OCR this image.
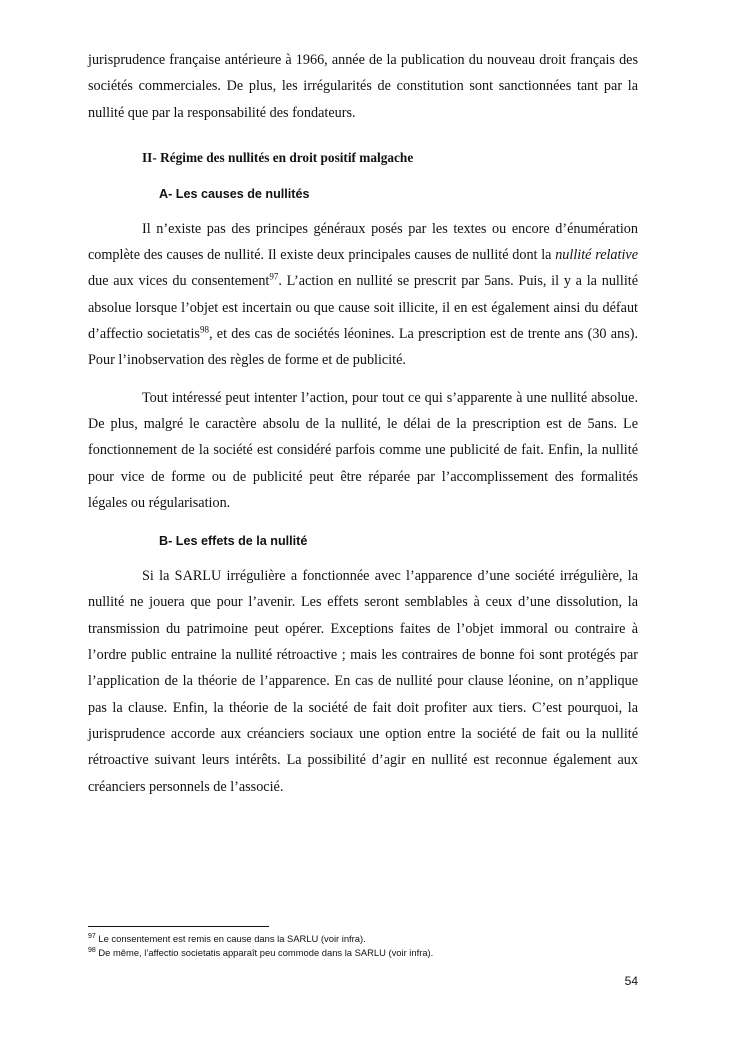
jurisprudence française antérieure à 1966, année de la publication du nouveau droit français des sociétés commerciales. De plus, les irrégularités de constitution sont sanctionnées tant par la nullité que par la responsabilité des fondateurs.

II- Régime des nullités en droit positif malgache
A- Les causes de nullités

Il n’existe pas des principes généraux posés par les textes ou encore d’énumération complète des causes de nullité. Il existe deux principales causes de nullité dont la nullité relative due aux vices du consentement$^{97}$. L’action en nullité se prescrit par 5ans. Puis, il y a la nullité absolue lorsque l’objet est incertain ou que cause soit illicite, il en est également ainsi du défaut d’affectio societatis$^{98}$, et des cas de sociétés léonines. La prescription est de trente ans (30 ans). Pour l’inobservation des règles de forme et de publicité.

Tout intéressé peut intenter l’action, pour tout ce qui s’apparente à une nullité absolue. De plus, malgré le caractère absolu de la nullité, le délai de la prescription est de 5ans. Le fonctionnement de la société est considéré parfois comme une publicité de fait. Enfin, la nullité pour vice de forme ou de publicité peut être réparée par l’accomplissement des formalités légales ou régularisation.

B- Les effets de la nullité

Si la SARLU irrégulière a fonctionnée avec l’apparence d’une société irrégulière, la nullité ne jouera que pour l’avenir. Les effets seront semblables à ceux d’une dissolution, la transmission du patrimoine peut opérer. Exceptions faites de l’objet immoral ou contraire à l’ordre public entraine la nullité rétroactive ; mais les contraires de bonne foi sont protégés par l’application de la théorie de l’apparence. En cas de nullité pour clause léonine, on n’applique pas la clause. Enfin, la théorie de la société de fait doit profiter aux tiers. C’est pourquoi, la jurisprudence accorde aux créanciers sociaux une option entre la société de fait ou la nullité rétroactive suivant leurs intérêts. La possibilité d’agir en nullité est reconnue également aux créanciers personnels de l’associé.

$^{97}$ Le consentement est remis en cause dans la SARLU (voir infra).
$^{98}$ De même, l’affectio societatis apparaît peu commode dans la SARLU (voir infra).
54
